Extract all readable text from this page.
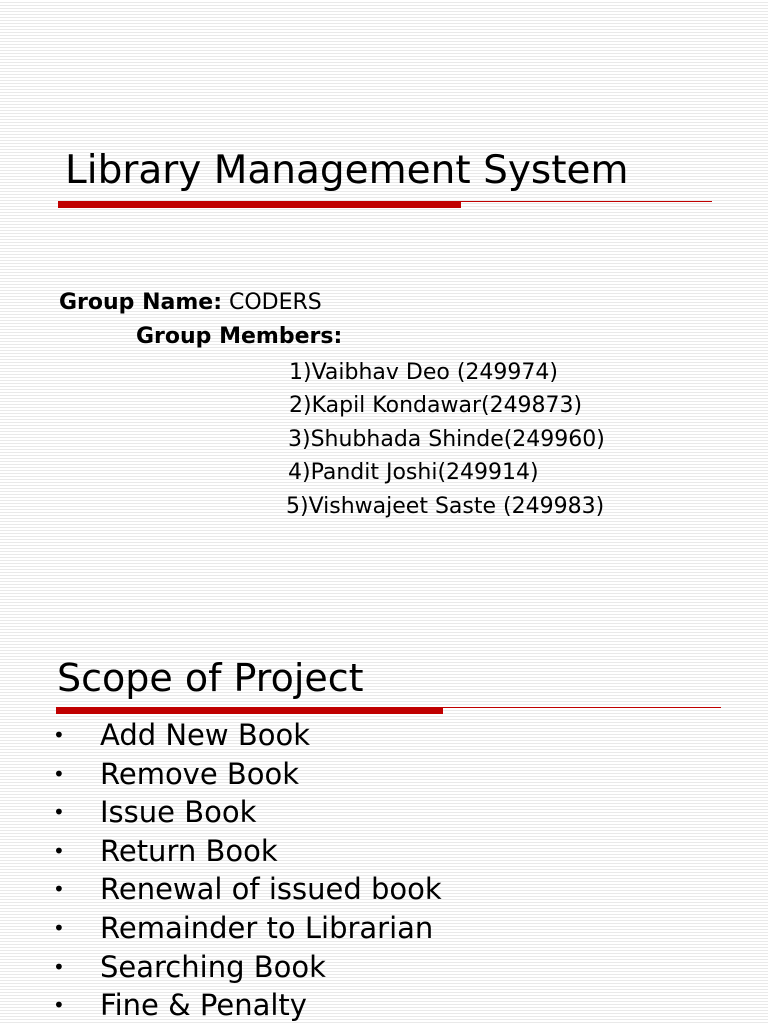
Library Management System
Group Name: CODERS
Group Members:
1)Vaibhav Deo (249974)
2)Kapil Kondawar(249873)
3)Shubhada Shinde(249960)
4)Pandit Joshi(249914)
5)Vishwajeet Saste (249983)
Scope of Project
• Add New Book
• Remove Book
• Issue Book
• Return Book
• Renewal of issued book
• Remainder to Librarian
• Searching Book
• Fine & Penalty
